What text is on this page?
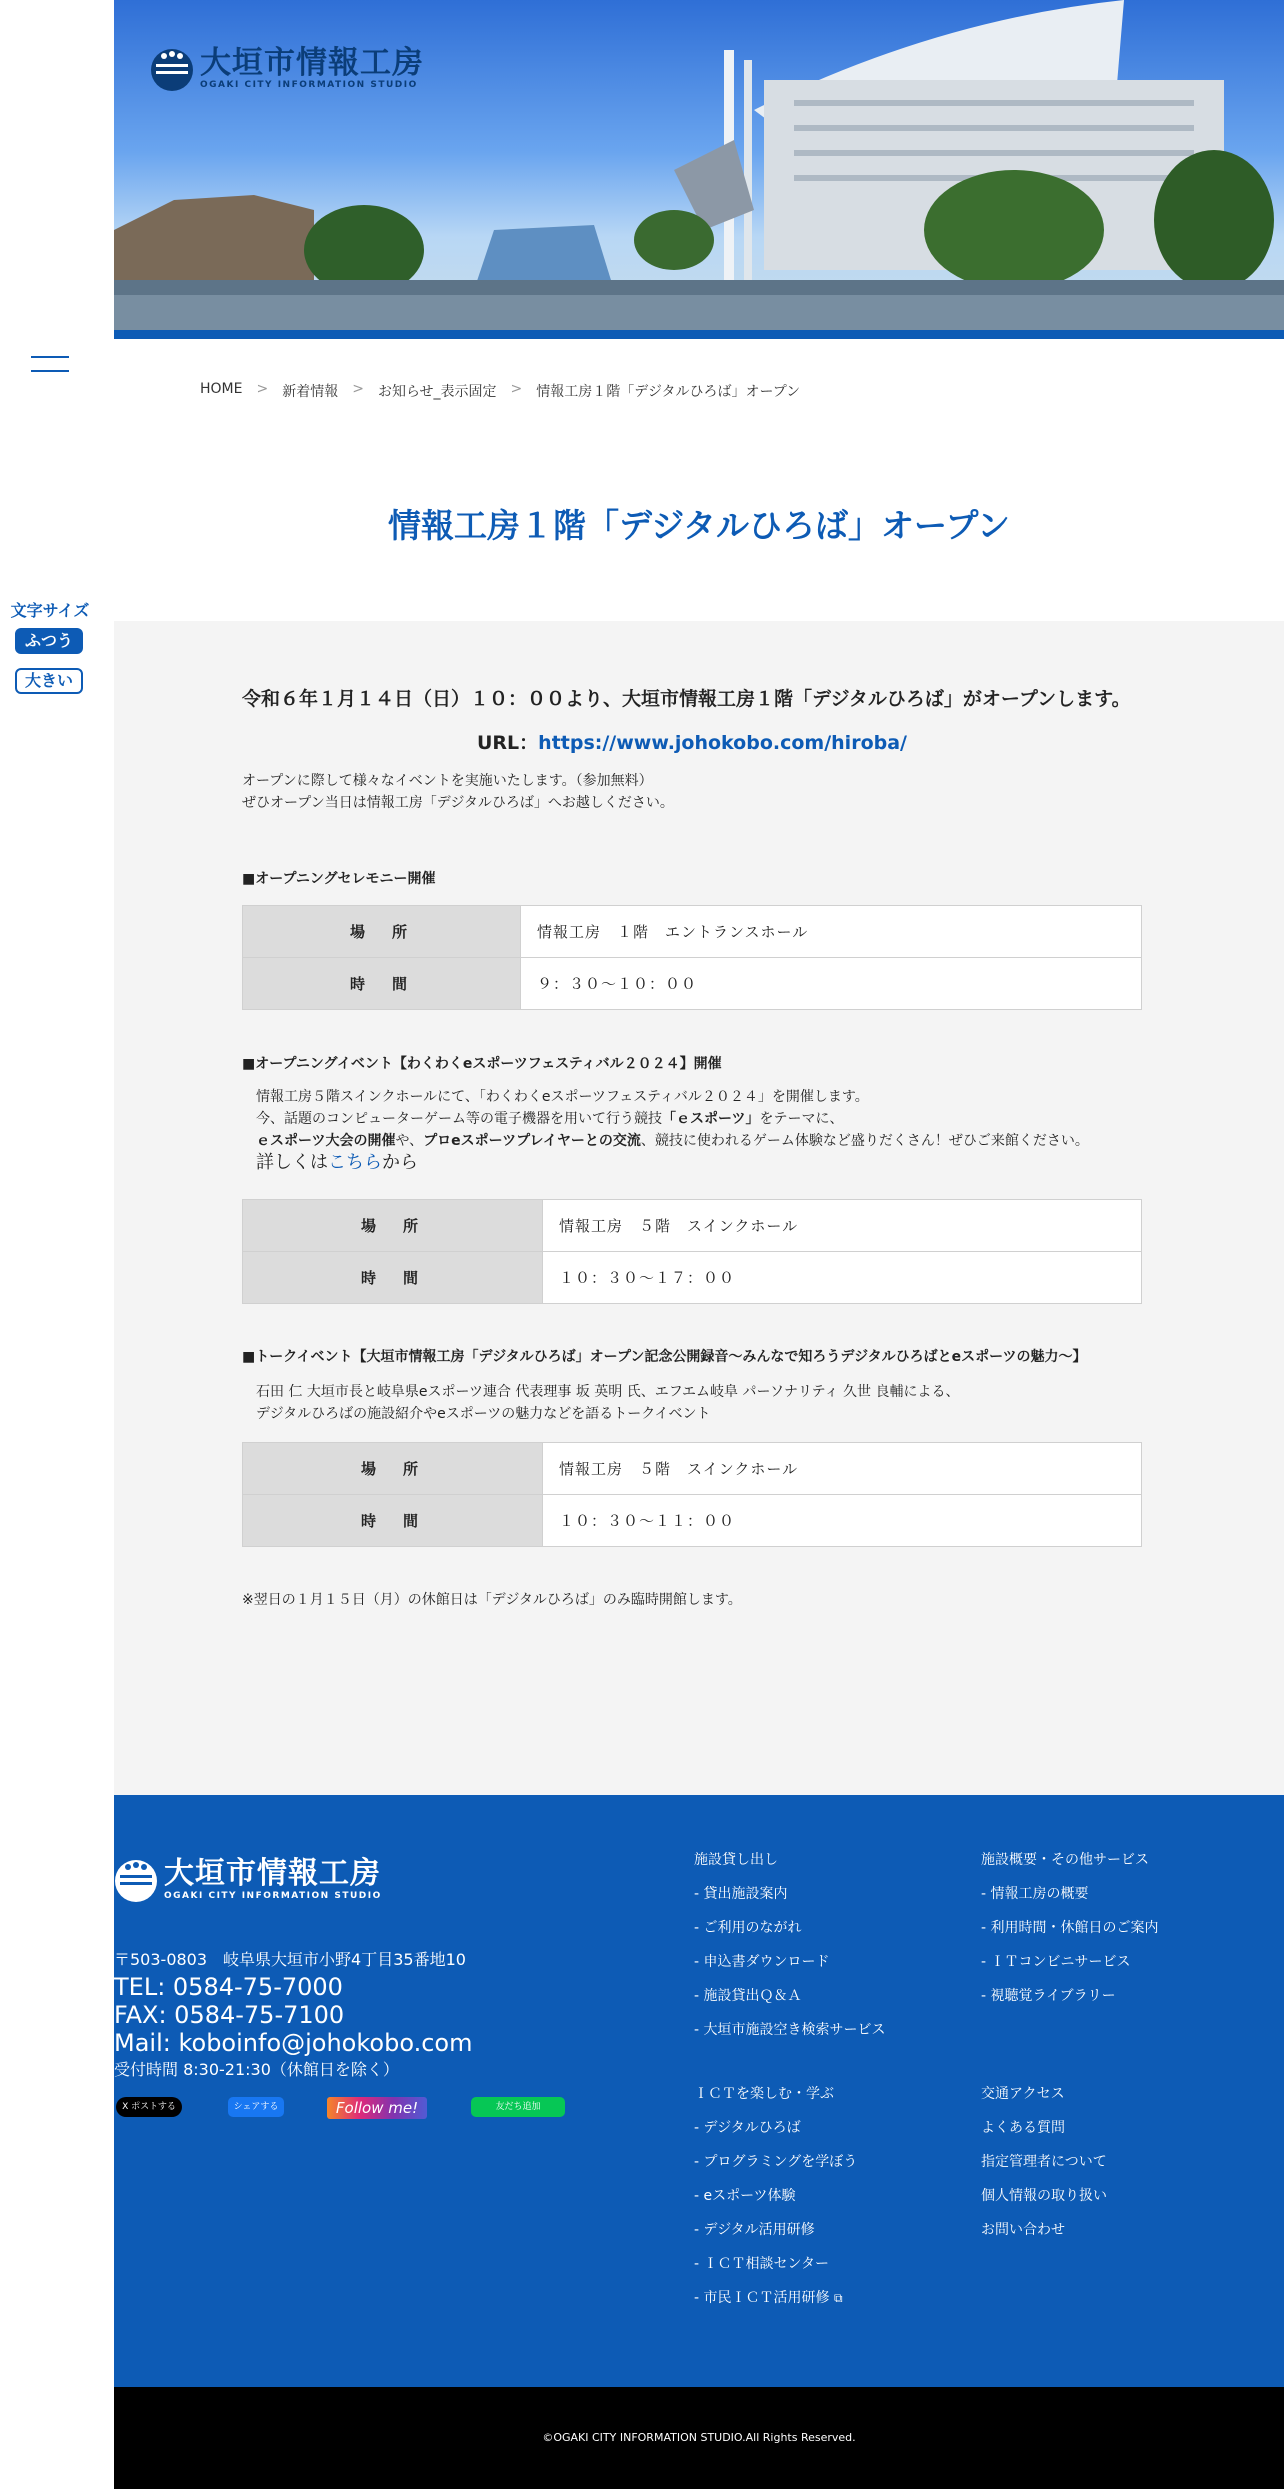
文字サイズ
ふつう
大きい
大垣市情報工房
OGAKI CITY INFORMATION STUDIO
HOME > 新着情報 > お知らせ_表示固定 > 情報工房１階「デジタルひろば」オープン
情報工房１階「デジタルひろば」オープン
令和６年１月１４日（日）１０：００より、大垣市情報工房１階「デジタルひろば」がオープンします。
URL：https://www.johokobo.com/hiroba/
オープンに際して様々なイベントを実施いたします。（参加無料）
ぜひオープン当日は情報工房「デジタルひろば」へお越しください。
■オープニングセレモニー開催
場　所	情報工房　１階　エントランスホール
時　間	９：３０〜１０：００
■オープニングイベント【わくわくeスポーツフェスティバル２０２４】開催
情報工房５階スインクホールにて、「わくわくeスポーツフェスティバル２０２４」を開催します。
今、話題のコンピューターゲーム等の電子機器を用いて行う競技「ｅスポーツ」をテーマに、
ｅスポーツ大会の開催や、プロeスポーツプレイヤーとの交流、競技に使われるゲーム体験など盛りだくさん！ぜひご来館ください。
詳しくはこちらから
場　所	情報工房　５階　スインクホール
時　間	１０：３０〜１７：００
■トークイベント【大垣市情報工房「デジタルひろば」オープン記念公開録音〜みんなで知ろうデジタルひろばとeスポーツの魅力〜】
石田 仁 大垣市長と岐阜県eスポーツ連合 代表理事 坂 英明 氏、エフエム岐阜 パーソナリティ 久世 良輔による、
デジタルひろばの施設紹介やeスポーツの魅力などを語るトークイベント
場　所	情報工房　５階　スインクホール
時　間	１０：３０〜１１：００
※翌日の１月１５日（月）の休館日は「デジタルひろば」のみ臨時開館します。
大垣市情報工房
OGAKI CITY INFORMATION STUDIO
〒503-0803　岐阜県大垣市小野4丁目35番地10
TEL: 0584-75-7000
FAX: 0584-75-7100
Mail: koboinfo@johokobo.com
受付時間 8:30-21:30（休館日を除く）
X ポストする	シェアする	Follow me!	友だち追加
施設貸し出し
- 貸出施設案内
- ご利用のながれ
- 申込書ダウンロード
- 施設貸出Ｑ＆Ａ
- 大垣市施設空き検索サービス
施設概要・その他サービス
- 情報工房の概要
- 利用時間・休館日のご案内
- ＩＴコンビニサービス
- 視聴覚ライブラリー
ＩＣＴを楽しむ・学ぶ
- デジタルひろば
- プログラミングを学ぼう
- eスポーツ体験
- デジタル活用研修
- ＩＣＴ相談センター
- 市民ＩＣＴ活用研修 ⧉
交通アクセス
よくある質問
指定管理者について
個人情報の取り扱い
お問い合わせ
©OGAKI CITY INFORMATION STUDIO.All Rights Reserved.
